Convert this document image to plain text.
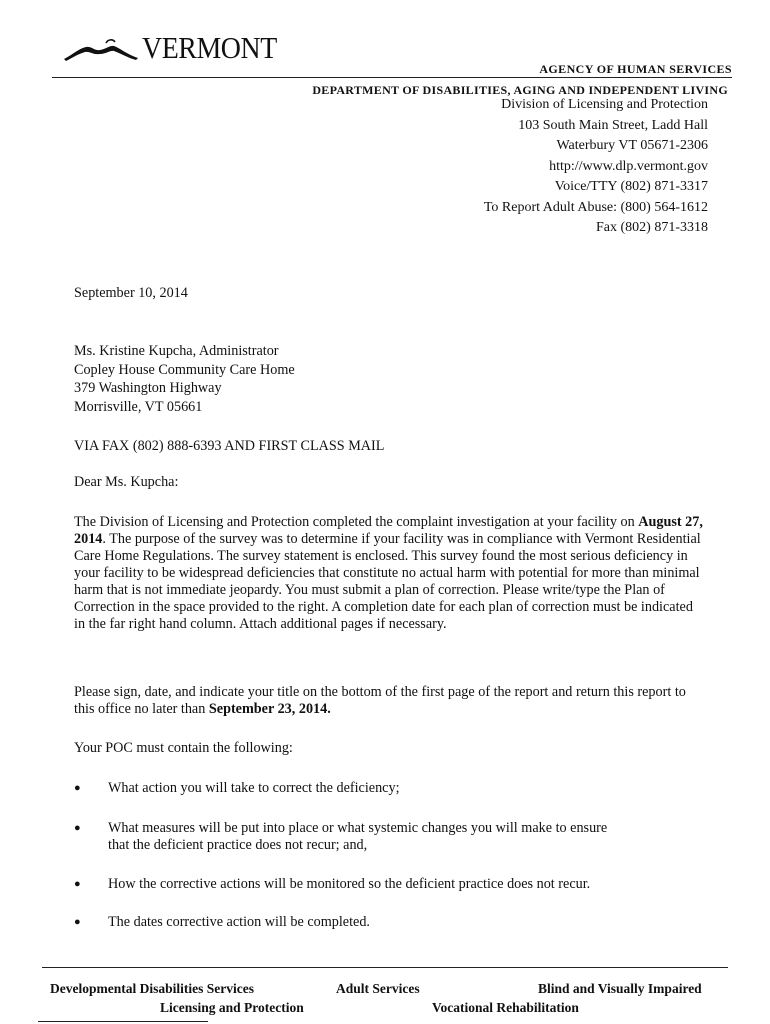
VERMONT
AGENCY OF HUMAN SERVICES
DEPARTMENT OF DISABILITIES, AGING AND INDEPENDENT LIVING
Division of Licensing and Protection
103 South Main Street, Ladd Hall
Waterbury VT 05671-2306
http://www.dlp.vermont.gov
Voice/TTY (802) 871-3317
To Report Adult Abuse: (800) 564-1612
Fax (802) 871-3318
September 10, 2014
Ms. Kristine Kupcha, Administrator
Copley House Community Care Home
379 Washington Highway
Morrisville, VT 05661
VIA FAX (802) 888-6393 AND FIRST CLASS MAIL
Dear Ms. Kupcha:

The Division of Licensing and Protection completed the complaint investigation at your facility on August 27, 2014. The purpose of the survey was to determine if your facility was in compliance with Vermont Residential Care Home Regulations. The survey statement is enclosed. This survey found the most serious deficiency in your facility to be widespread deficiencies that constitute no actual harm with potential for more than minimal harm that is not immediate jeopardy. You must submit a plan of correction. Please write/type the Plan of Correction in the space provided to the right. A completion date for each plan of correction must be indicated in the far right hand column. Attach additional pages if necessary.

Please sign, date, and indicate your title on the bottom of the first page of the report and return this report to this office no later than September 23, 2014.

Your POC must contain the following:
● What action you will take to correct the deficiency;
● What measures will be put into place or what systemic changes you will make to ensure that the deficient practice does not recur; and,
● How the corrective actions will be monitored so the deficient practice does not recur.
● The dates corrective action will be completed.
Developmental Disabilities Services	Adult Services	Blind and Visually Impaired
Licensing and Protection	Vocational Rehabilitation
